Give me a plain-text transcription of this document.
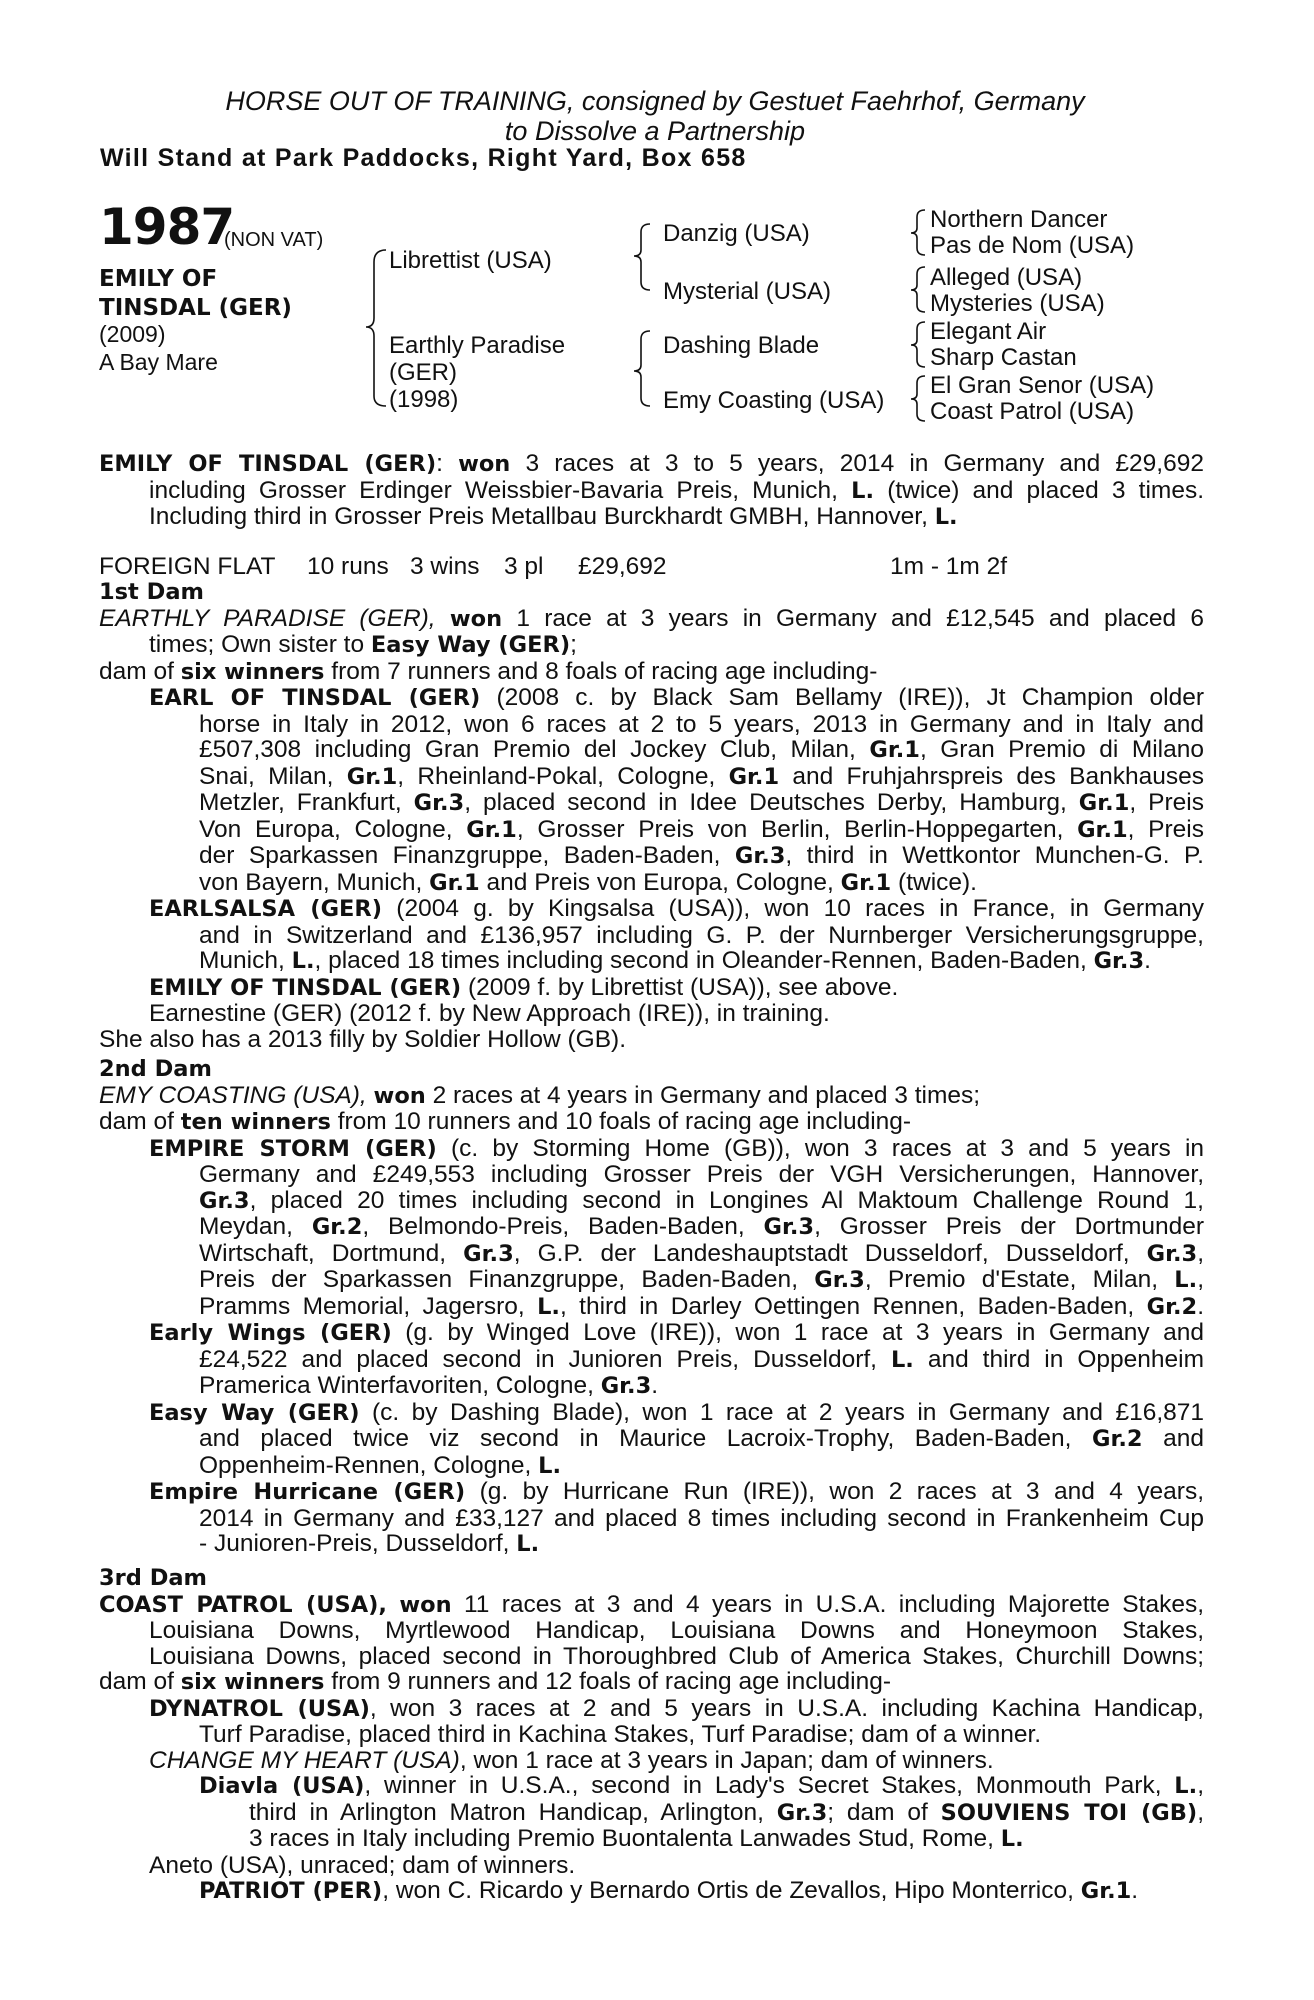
HORSE OUT OF TRAINING, consigned by Gestuet Faehrhof, Germany
to Dissolve a Partnership
Will Stand at Park Paddocks, Right Yard, Box 658
1987
(NON VAT)
EMILY OF
TINSDAL (GER)
(2009)
A Bay Mare
Librettist (USA)
Earthly Paradise
(GER)
(1998)
Danzig (USA)
Mysterial (USA)
Dashing Blade
Emy Coasting (USA)
Northern Dancer
Pas de Nom (USA)
Alleged (USA)
Mysteries (USA)
Elegant Air
Sharp Castan
El Gran Senor (USA)
Coast Patrol (USA)
EMILY OF TINSDAL (GER): won 3 races at 3 to 5 years, 2014 in Germany and £29,692
including Grosser Erdinger Weissbier-Bavaria Preis, Munich, L. (twice) and placed 3 times.
Including third in Grosser Preis Metallbau Burckhardt GMBH, Hannover, L.
FOREIGN FLAT 10 runs 3 wins 3 pl £29,692	1m - 1m 2f
1st Dam
EARTHLY PARADISE (GER), won 1 race at 3 years in Germany and £12,545 and placed 6
times; Own sister to Easy Way (GER);
dam of six winners from 7 runners and 8 foals of racing age including-
EARL OF TINSDAL (GER) (2008 c. by Black Sam Bellamy (IRE)), Jt Champion older
horse in Italy in 2012, won 6 races at 2 to 5 years, 2013 in Germany and in Italy and
£507,308 including Gran Premio del Jockey Club, Milan, Gr.1, Gran Premio di Milano
Snai, Milan, Gr.1, Rheinland-Pokal, Cologne, Gr.1 and Fruhjahrspreis des Bankhauses
Metzler, Frankfurt, Gr.3, placed second in Idee Deutsches Derby, Hamburg, Gr.1, Preis
Von Europa, Cologne, Gr.1, Grosser Preis von Berlin, Berlin-Hoppegarten, Gr.1, Preis
der Sparkassen Finanzgruppe, Baden-Baden, Gr.3, third in Wettkontor Munchen-G. P.
von Bayern, Munich, Gr.1 and Preis von Europa, Cologne, Gr.1 (twice).
EARLSALSA (GER) (2004 g. by Kingsalsa (USA)), won 10 races in France, in Germany
and in Switzerland and £136,957 including G. P. der Nurnberger Versicherungsgruppe,
Munich, L., placed 18 times including second in Oleander-Rennen, Baden-Baden, Gr.3.
EMILY OF TINSDAL (GER) (2009 f. by Librettist (USA)), see above.
Earnestine (GER) (2012 f. by New Approach (IRE)), in training.
She also has a 2013 filly by Soldier Hollow (GB).
2nd Dam
EMY COASTING (USA), won 2 races at 4 years in Germany and placed 3 times;
dam of ten winners from 10 runners and 10 foals of racing age including-
EMPIRE STORM (GER) (c. by Storming Home (GB)), won 3 races at 3 and 5 years in
Germany and £249,553 including Grosser Preis der VGH Versicherungen, Hannover,
Gr.3, placed 20 times including second in Longines Al Maktoum Challenge Round 1,
Meydan, Gr.2, Belmondo-Preis, Baden-Baden, Gr.3, Grosser Preis der Dortmunder
Wirtschaft, Dortmund, Gr.3, G.P. der Landeshauptstadt Dusseldorf, Dusseldorf, Gr.3,
Preis der Sparkassen Finanzgruppe, Baden-Baden, Gr.3, Premio d'Estate, Milan, L.,
Pramms Memorial, Jagersro, L., third in Darley Oettingen Rennen, Baden-Baden, Gr.2.
Early Wings (GER) (g. by Winged Love (IRE)), won 1 race at 3 years in Germany and
£24,522 and placed second in Junioren Preis, Dusseldorf, L. and third in Oppenheim
Pramerica Winterfavoriten, Cologne, Gr.3.
Easy Way (GER) (c. by Dashing Blade), won 1 race at 2 years in Germany and £16,871
and placed twice viz second in Maurice Lacroix-Trophy, Baden-Baden, Gr.2 and
Oppenheim-Rennen, Cologne, L.
Empire Hurricane (GER) (g. by Hurricane Run (IRE)), won 2 races at 3 and 4 years,
2014 in Germany and £33,127 and placed 8 times including second in Frankenheim Cup
- Junioren-Preis, Dusseldorf, L.
3rd Dam
COAST PATROL (USA), won 11 races at 3 and 4 years in U.S.A. including Majorette Stakes,
Louisiana Downs, Myrtlewood Handicap, Louisiana Downs and Honeymoon Stakes,
Louisiana Downs, placed second in Thoroughbred Club of America Stakes, Churchill Downs;
dam of six winners from 9 runners and 12 foals of racing age including-
DYNATROL (USA), won 3 races at 2 and 5 years in U.S.A. including Kachina Handicap,
Turf Paradise, placed third in Kachina Stakes, Turf Paradise; dam of a winner.
CHANGE MY HEART (USA), won 1 race at 3 years in Japan; dam of winners.
Diavla (USA), winner in U.S.A., second in Lady's Secret Stakes, Monmouth Park, L.,
third in Arlington Matron Handicap, Arlington, Gr.3; dam of SOUVIENS TOI (GB),
3 races in Italy including Premio Buontalenta Lanwades Stud, Rome, L.
Aneto (USA), unraced; dam of winners.
PATRIOT (PER), won C. Ricardo y Bernardo Ortis de Zevallos, Hipo Monterrico, Gr.1.
